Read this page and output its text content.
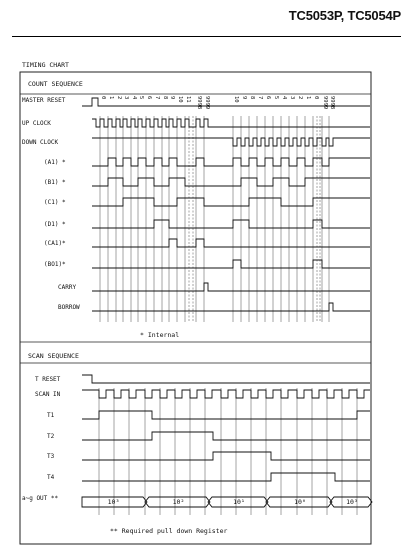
TC5053P, TC5054P
TIMING CHART
COUNT SEQUENCE
SCAN SEQUENCE
* Internal
** Required pull down Register
MASTER RESET
UP CLOCK
DOWN CLOCK
(A1) *
(B1) *
(C1) *
(D1) *
(CA1)*
(BO1)*
CARRY
BORROW
T RESET
SCAN IN
T1
T2
T3
T4
a~g OUT **
0 1 2 3 4 5 6 7 8 9 10 11 9998 9999	10 9 8 7 6 5 4 3 2 1 0 9999 9998
10³	10²	10¹	10⁰	10³
